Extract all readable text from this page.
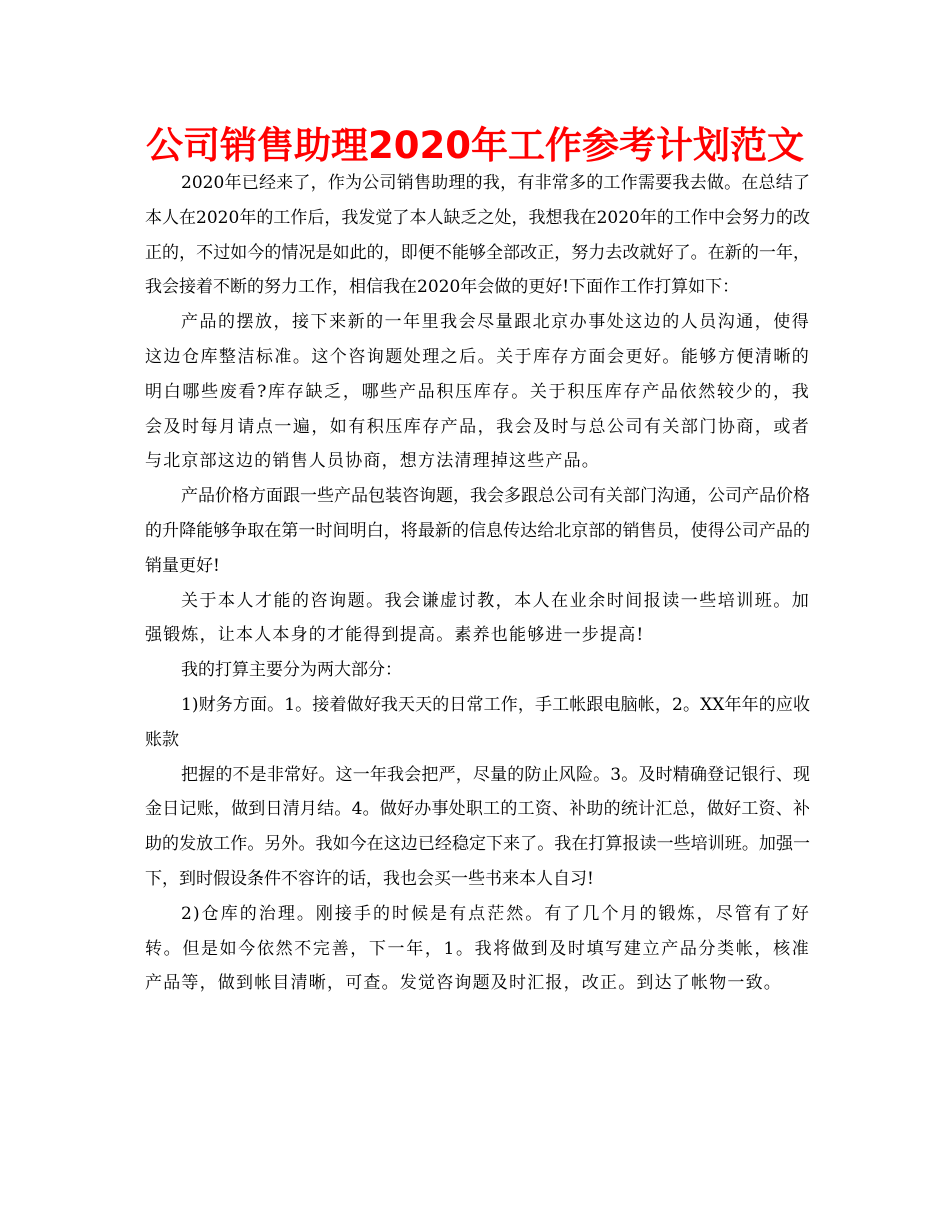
公司销售助理2020年工作参考计划范文

2020年已经来了，作为公司销售助理的我，有非常多的工作需要我去做。在总结了本人在2020年的工作后，我发觉了本人缺乏之处，我想我在2020年的工作中会努力的改正的，不过如今的情况是如此的，即便不能够全部改正，努力去改就好了。在新的一年，我会接着不断的努力工作，相信我在2020年会做的更好!下面作工作打算如下：

产品的摆放，接下来新的一年里我会尽量跟北京办事处这边的人员沟通，使得这边仓库整洁标准。这个咨询题处理之后。关于库存方面会更好。能够方便清晰的明白哪些废看?库存缺乏，哪些产品积压库存。关于积压库存产品依然较少的，我会及时每月请点一遍，如有积压库存产品，我会及时与总公司有关部门协商，或者与北京部这边的销售人员协商，想方法清理掉这些产品。

产品价格方面跟一些产品包装咨询题，我会多跟总公司有关部门沟通，公司产品价格的升降能够争取在第一时间明白，将最新的信息传达给北京部的销售员，使得公司产品的销量更好!

关于本人才能的咨询题。我会谦虚讨教，本人在业余时间报读一些培训班。加强锻炼，让本人本身的才能得到提高。素养也能够进一步提高!

我的打算主要分为两大部分：

1)财务方面。1。接着做好我天天的日常工作，手工帐跟电脑帐，2。XX年年的应收账款

把握的不是非常好。这一年我会把严，尽量的防止风险。3。及时精确登记银行、现金日记账，做到日清月结。4。做好办事处职工的工资、补助的统计汇总，做好工资、补助的发放工作。另外。我如今在这边已经稳定下来了。我在打算报读一些培训班。加强一下，到时假设条件不容许的话，我也会买一些书来本人自习!

2)仓库的治理。刚接手的时候是有点茫然。有了几个月的锻炼，尽管有了好转。但是如今依然不完善，下一年，1。我将做到及时填写建立产品分类帐，核准产品等，做到帐目清晰，可查。发觉咨询题及时汇报，改正。到达了帐物一致。
